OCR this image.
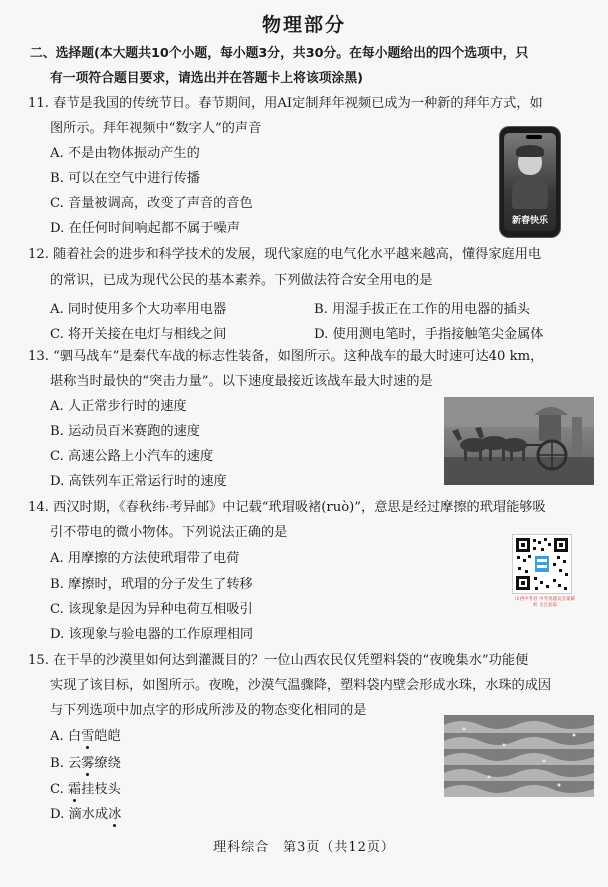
物理部分
二、选择题(本大题共10个小题，每小题3分，共30分。在每小题给出的四个选项中，只
有一项符合题目要求，请选出并在答题卡上将该项涂黑)
11. 春节是我国的传统节日。春节期间，用AI定制拜年视频已成为一种新的拜年方式，如
图所示。拜年视频中“数字人”的声音
A. 不是由物体振动产生的
B. 可以在空气中进行传播
C. 音量被调高，改变了声音的音色
D. 在任何时间响起都不属于噪声	新春快乐
12. 随着社会的进步和科学技术的发展，现代家庭的电气化水平越来越高，懂得家庭用电
的常识，已成为现代公民的基本素养。下列做法符合安全用电的是
A. 同时使用多个大功率用电器	B. 用湿手拔正在工作的用电器的插头
C. 将开关接在电灯与相线之间	D. 使用测电笔时，手指接触笔尖金属体
13. “驷马战车”是秦代车战的标志性装备，如图所示。这种战车的最大时速可达40 km，
堪称当时最快的“突击力量”。以下速度最接近该战车最大时速的是
A. 人正常步行时的速度
B. 运动员百米赛跑的速度
C. 高速公路上小汽车的速度
D. 高铁列车正常运行时的速度
14. 西汉时期，《春秋纬·考异邮》中记载“玳瑁吸褚(ruò)”，意思是经过摩擦的玳瑁能够吸
引不带电的微小物体。下列说法正确的是
A. 用摩擦的方法使玳瑁带了电荷
B. 摩擦时，玳瑁的分子发生了转移
C. 该现象是因为异种电荷互相吸引
D. 该现象与验电器的工作原理相同
山西中考君 中考真题及答案解析 关注获取
15. 在干旱的沙漠里如何达到灌溉目的？一位山西农民仅凭塑料袋的“夜晚集水”功能便
实现了该目标，如图所示。夜晚，沙漠气温骤降，塑料袋内壁会形成水珠，水珠的成因
与下列选项中加点字的形成所涉及的物态变化相同的是
A. 白雪皑皑
B. 云雾缭绕
C. 霜挂枝头
D. 滴水成冰
理科综合　第3页（共12页）
